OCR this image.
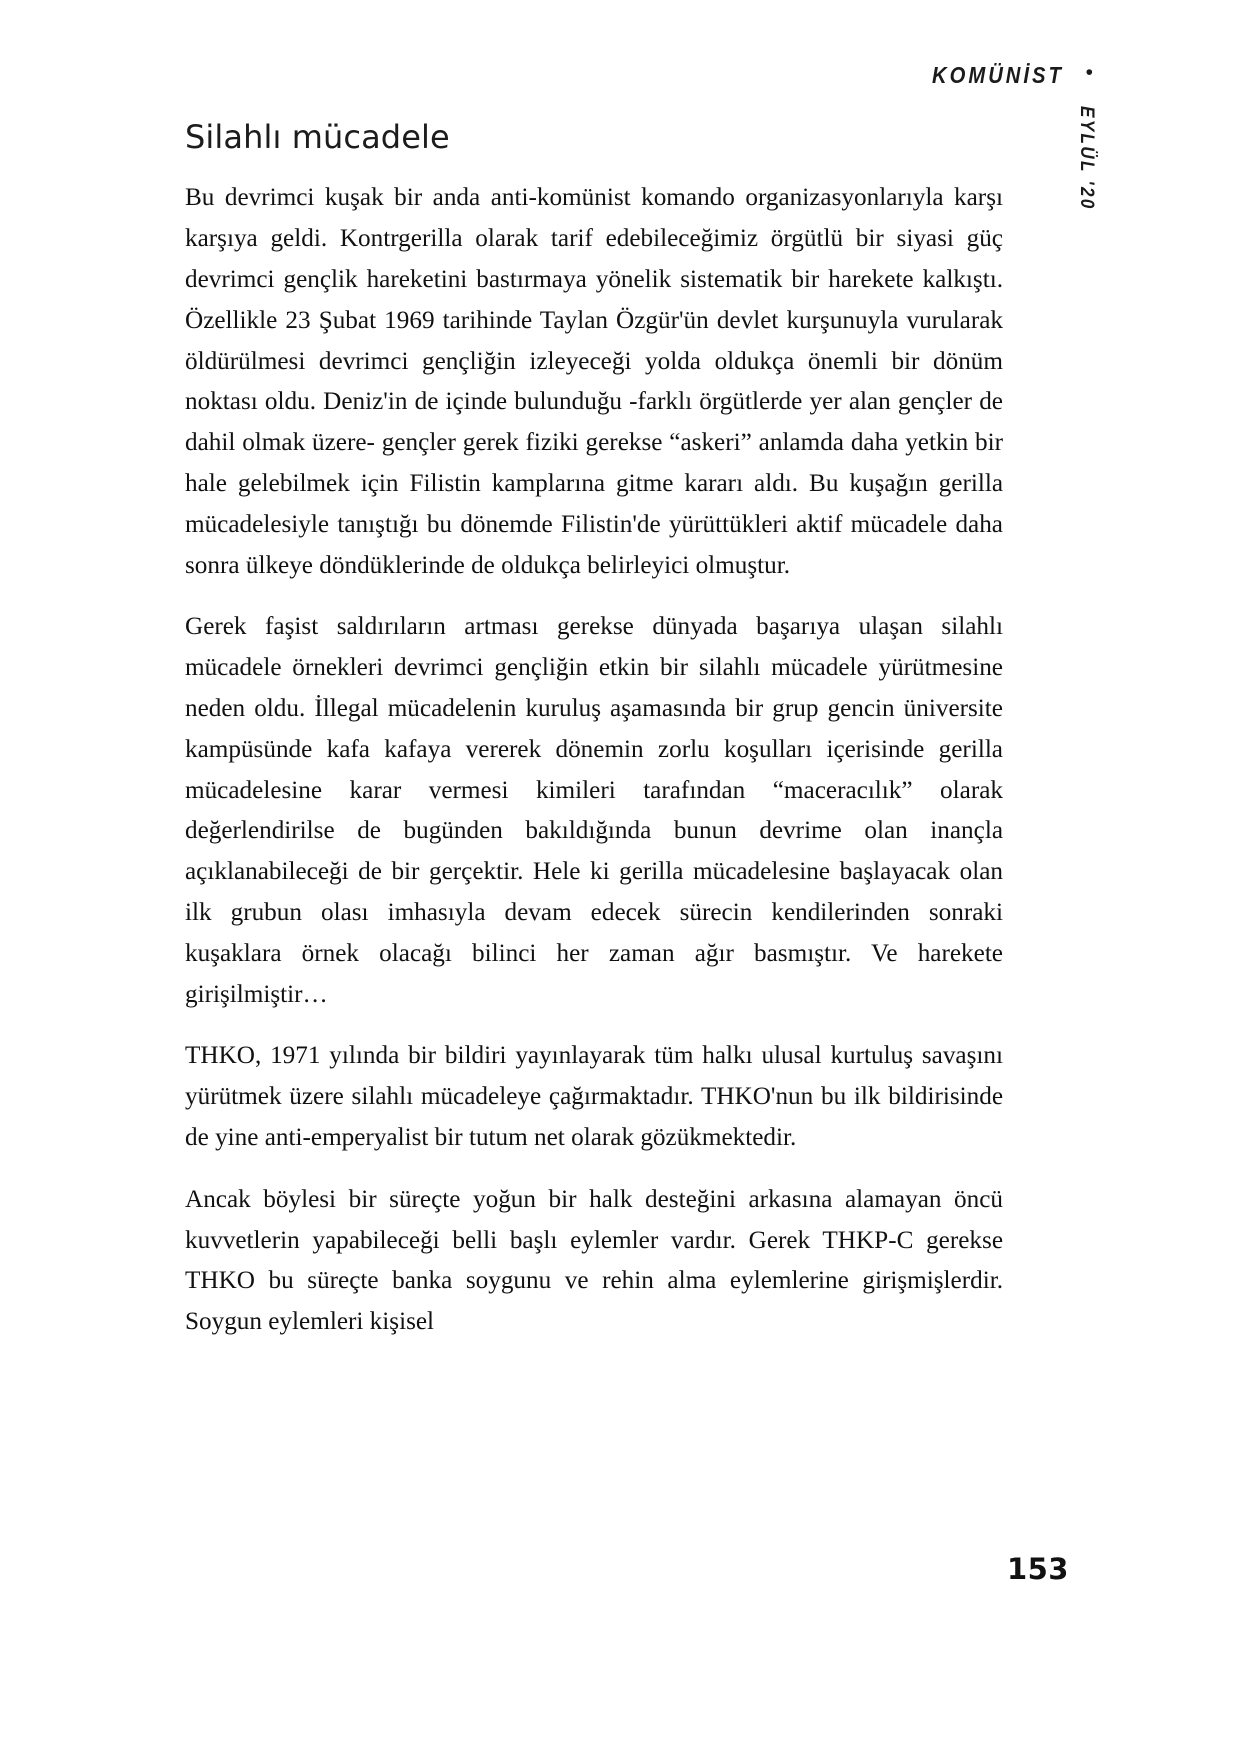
KOMÜNİST •
EYLÜL '20
Silahlı mücadele

Bu devrimci kuşak bir anda anti-komünist komando organizasyonlarıyla karşı karşıya geldi. Kontrgerilla olarak tarif edebileceğimiz örgütlü bir siyasi güç devrimci gençlik hareketini bastırmaya yönelik sistematik bir harekete kalkıştı. Özellikle 23 Şubat 1969 tarihinde Taylan Özgür'ün devlet kurşunuyla vurularak öldürülmesi devrimci gençliğin izleyeceği yolda oldukça önemli bir dönüm noktası oldu. Deniz'in de içinde bulunduğu -farklı örgütlerde yer alan gençler de dahil olmak üzere- gençler gerek fiziki gerekse “askeri” anlamda daha yetkin bir hale gelebilmek için Filistin kamplarına gitme kararı aldı. Bu kuşağın gerilla mücadelesiyle tanıştığı bu dönemde Filistin'de yürüttükleri aktif mücadele daha sonra ülkeye döndüklerinde de oldukça belirleyici olmuştur.

Gerek faşist saldırıların artması gerekse dünyada başarıya ulaşan silahlı mücadele örnekleri devrimci gençliğin etkin bir silahlı mücadele yürütmesine neden oldu. İllegal mücadelenin kuruluş aşamasında bir grup gencin üniversite kampüsünde kafa kafaya vererek dönemin zorlu koşulları içerisinde gerilla mücadelesine karar vermesi kimileri tarafından “maceracılık” olarak değerlendirilse de bugünden bakıldığında bunun devrime olan inançla açıklanabileceği de bir gerçektir. Hele ki gerilla mücadelesine başlayacak olan ilk grubun olası imhasıyla devam edecek sürecin kendilerinden sonraki kuşaklara örnek olacağı bilinci her zaman ağır basmıştır. Ve harekete girişilmiştir…

THKO, 1971 yılında bir bildiri yayınlayarak tüm halkı ulusal kurtuluş savaşını yürütmek üzere silahlı mücadeleye çağırmaktadır. THKO'nun bu ilk bildirisinde de yine anti-emperyalist bir tutum net olarak gözükmektedir.

Ancak böylesi bir süreçte yoğun bir halk desteğini arkasına alamayan öncü kuvvetlerin yapabileceği belli başlı eylemler vardır. Gerek THKP-C gerekse THKO bu süreçte banka soygunu ve rehin alma eylemlerine girişmişlerdir. Soygun eylemleri kişisel

153
